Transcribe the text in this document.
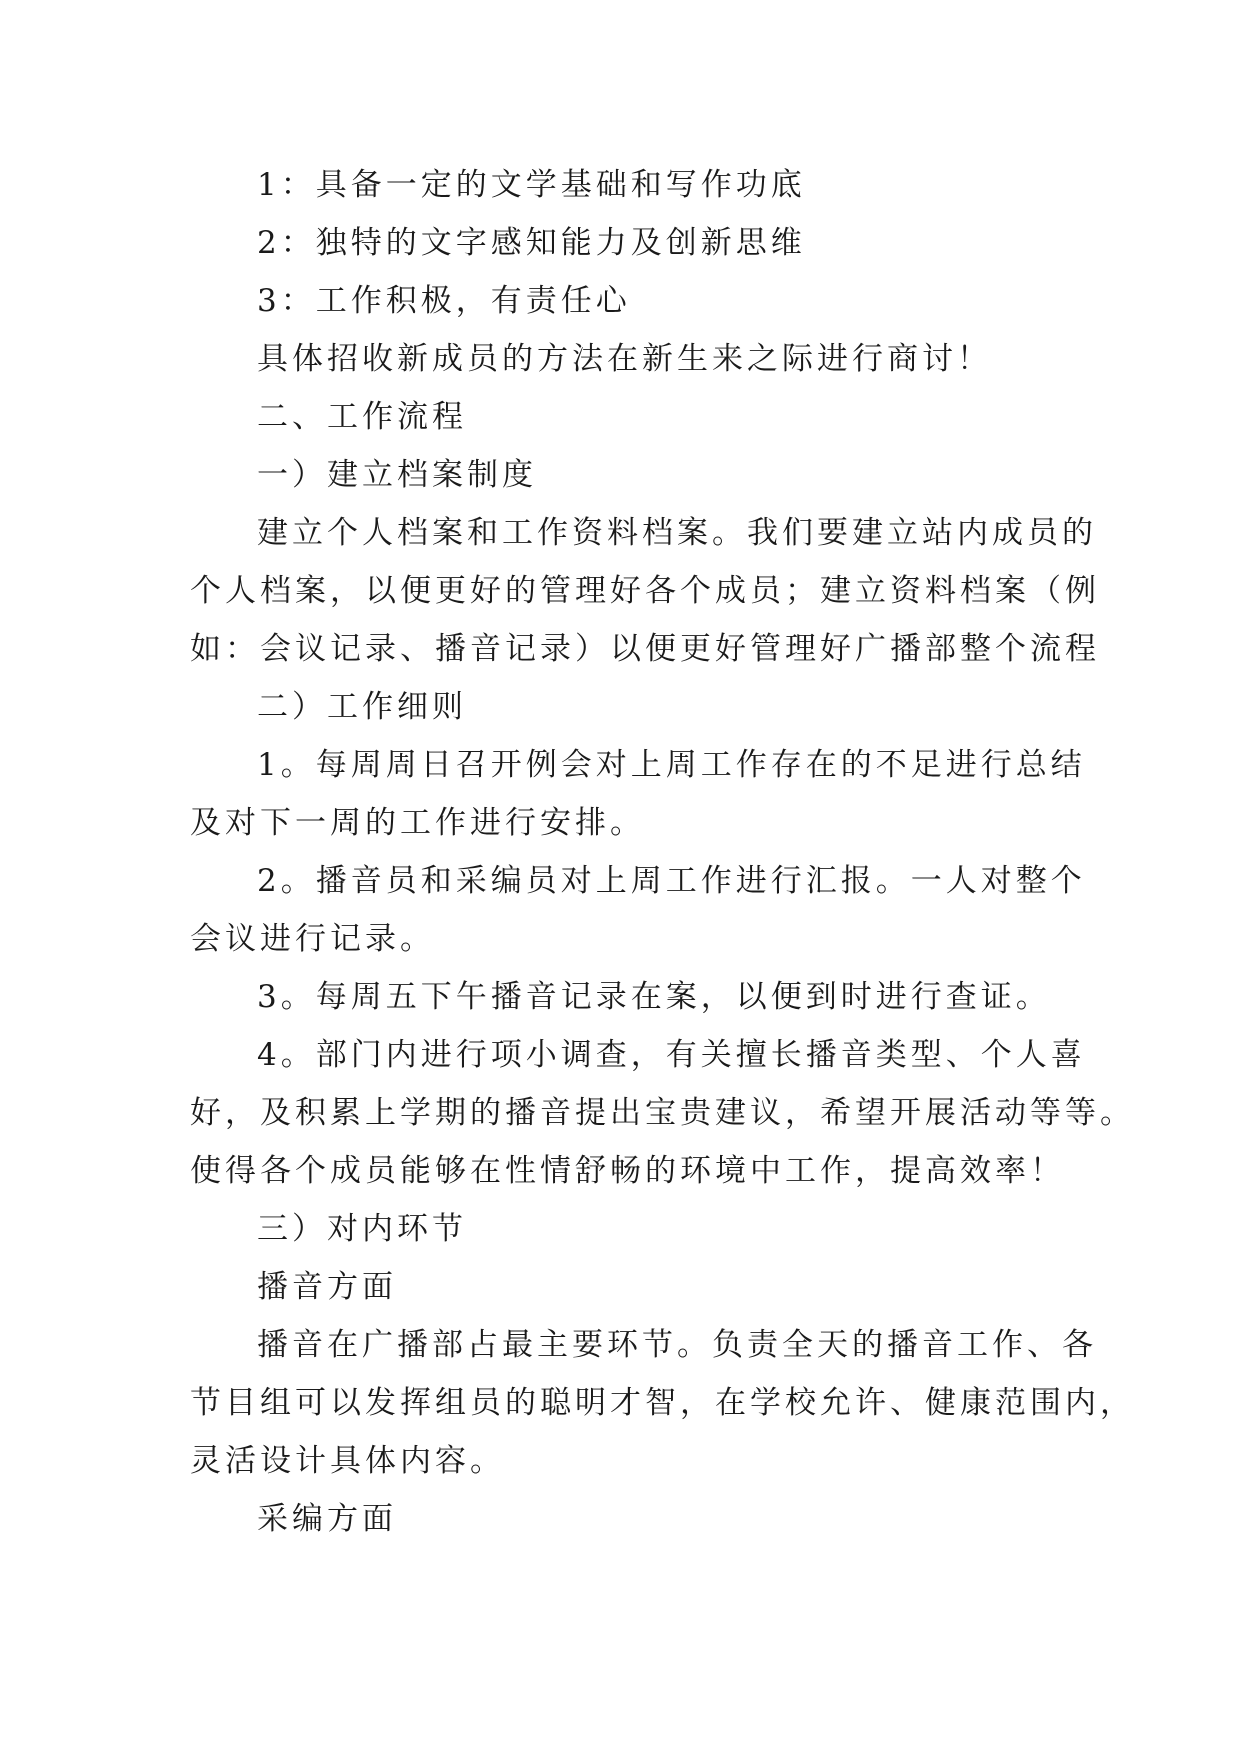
1：具备一定的文学基础和写作功底
2：独特的文字感知能力及创新思维
3：工作积极，有责任心
具体招收新成员的方法在新生来之际进行商讨！
二、工作流程
一）建立档案制度
建立个人档案和工作资料档案。我们要建立站内成员的
个人档案，以便更好的管理好各个成员；建立资料档案（例
如：会议记录、播音记录）以便更好管理好广播部整个流程
二）工作细则
1。每周周日召开例会对上周工作存在的不足进行总结
及对下一周的工作进行安排。
2。播音员和采编员对上周工作进行汇报。一人对整个
会议进行记录。
3。每周五下午播音记录在案，以便到时进行查证。
4。部门内进行项小调查，有关擅长播音类型、个人喜
好，及积累上学期的播音提出宝贵建议，希望开展活动等等。
使得各个成员能够在性情舒畅的环境中工作，提高效率！
三）对内环节
播音方面
播音在广播部占最主要环节。负责全天的播音工作、各
节目组可以发挥组员的聪明才智，在学校允许、健康范围内，
灵活设计具体内容。
采编方面
